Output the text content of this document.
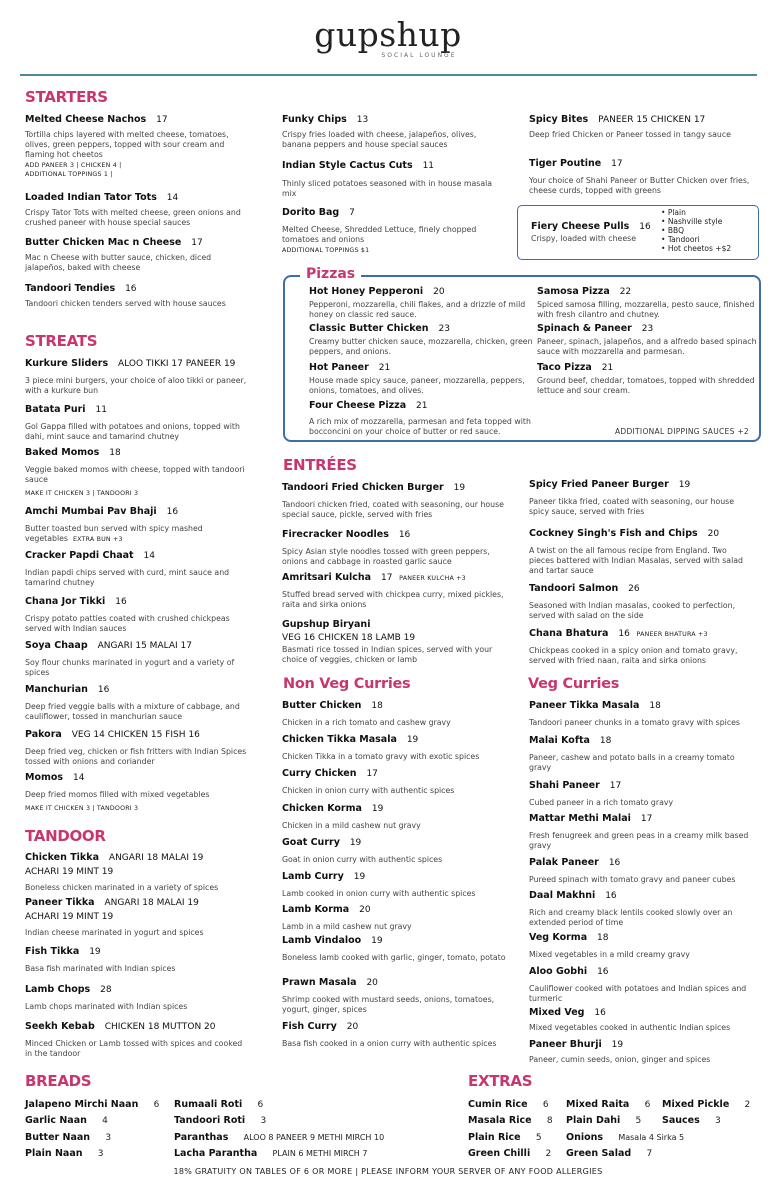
gupshup
SOCIAL LOUNGE
STARTERS
STREATS
TANDOOR
ENTRÉES
Non Veg Curries	Veg Curries
BREADS	EXTRAS
Melted Cheese Nachos 17
Tortilla chips layered with melted cheese, tomatoes, olives, green peppers, topped with sour cream and flaming hot cheetos
ADD PANEER 3 | CHICKEN 4 |
ADDITIONAL TOPPINGS 1 |
Loaded Indian Tator Tots 14
Crispy Tator Tots with melted cheese, green onions and crushed paneer with house special sauces
Butter Chicken Mac n Cheese 17
Mac n Cheese with butter sauce, chicken, diced jalapeños, baked with cheese
Tandoori Tendies 16
Tandoori chicken tenders served with house sauces
Funky Chips 13
Crispy fries loaded with cheese, jalapeños, olives, banana peppers and house special sauces
Indian Style Cactus Cuts 11
Thinly sliced potatoes seasoned with in house masala mix
Dorito Bag 7
Melted Cheese, Shredded Lettuce, finely chopped tomatoes and onions
ADDITIONAL TOPPINGS $1
Spicy Bites PANEER 15 CHICKEN 17
Deep fried Chicken or Paneer tossed in tangy sauce
Tiger Poutine 17
Your choice of Shahi Paneer or Butter Chicken over fries, cheese curds, topped with greens
Fiery Cheese Pulls 16
Crispy, loaded with cheese
• Plain
• Nashville style
• BBQ
• Tandoori
• Hot cheetos +$2
Hot Honey Pepperoni 20
Pepperoni, mozzarella, chili flakes, and a drizzle of mild honey on classic red sauce.
Classic Butter Chicken 23
Creamy butter chicken sauce, mozzarella, chicken, green peppers, and onions.
Hot Paneer 21
House made spicy sauce, paneer, mozzarella, peppers, onions, tomatoes, and olives.
Four Cheese Pizza 21
A rich mix of mozzarella, parmesan and feta topped with bocconcini on your choice of butter or red sauce.
Samosa Pizza 22
Spiced samosa filling, mozzarella, pesto sauce, finished with fresh cilantro and chutney.
Spinach & Paneer 23
Paneer, spinach, jalapeños, and a alfredo based spinach sauce with mozzarella and parmesan.
Taco Pizza 21
Ground beef, cheddar, tomatoes, topped with shredded lettuce and sour cream.
ADDITIONAL DIPPING SAUCES +2
Pizzas
Kurkure Sliders ALOO TIKKI 17 PANEER 19
3 piece mini burgers, your choice of aloo tikki or paneer, with a kurkure bun
Batata Puri 11
Gol Gappa filled with potatoes and onions, topped with dahi, mint sauce and tamarind chutney
Baked Momos 18
Veggie baked momos with cheese, topped with tandoori sauce
MAKE IT CHICKEN 3 | TANDOORI 3
Amchi Mumbai Pav Bhaji 16
Butter toasted bun served with spicy mashed vegetables EXTRA BUN +3
Cracker Papdi Chaat 14
Indian papdi chips served with curd, mint sauce and tamarind chutney
Chana Jor Tikki 16
Crispy potato patties coated with crushed chickpeas served with Indian sauces
Soya Chaap ANGARI 15 MALAI 17
Soy flour chunks marinated in yogurt and a variety of spices
Manchurian 16
Deep fried veggie balls with a mixture of cabbage, and cauliflower, tossed in manchurian sauce
Pakora VEG 14 CHICKEN 15 FISH 16
Deep fried veg, chicken or fish fritters with Indian Spices tossed with onions and coriander
Momos 14
Deep fried momos filled with mixed vegetables
MAKE IT CHICKEN 3 | TANDOORI 3
Chicken Tikka ANGARI 18 MALAI 19
ACHARI 19 MINT 19
Boneless chicken marinated in a variety of spices
Paneer Tikka ANGARI 18 MALAI 19
ACHARI 19 MINT 19
Indian cheese marinated in yogurt and spices
Fish Tikka 19
Basa fish marinated with Indian spices
Lamb Chops 28
Lamb chops marinated with Indian spices
Seekh Kebab CHICKEN 18 MUTTON 20
Minced Chicken or Lamb tossed with spices and cooked in the tandoor
Tandoori Fried Chicken Burger 19
Tandoori chicken fried, coated with seasoning, our house special sauce, pickle, served with fries
Firecracker Noodles 16
Spicy Asian style noodles tossed with green peppers, onions and cabbage in roasted garlic sauce
Amritsari Kulcha 17 PANEER KULCHA +3
Stuffed bread served with chickpea curry, mixed pickles, raita and sirka onions
Gupshup Biryani
VEG 16 CHICKEN 18 LAMB 19
Basmati rice tossed in Indian spices, served with your choice of veggies, chicken or lamb
Spicy Fried Paneer Burger 19
Paneer tikka fried, coated with seasoning, our house spicy sauce, served with fries
Cockney Singh's Fish and Chips 20
A twist on the all famous recipe from England. Two pieces battered with Indian Masalas, served with salad and tartar sauce
Tandoori Salmon 26
Seasoned with Indian masalas, cooked to perfection, served with salad on the side
Chana Bhatura 16 PANEER BHATURA +3
Chickpeas cooked in a spicy onion and tomato gravy, served with fried naan, raita and sirka onions
Butter Chicken 18
Chicken in a rich tomato and cashew gravy
Chicken Tikka Masala 19
Chicken Tikka in a tomato gravy with exotic spices
Curry Chicken 17
Chicken in onion curry with authentic spices
Chicken Korma 19
Chicken in a mild cashew nut gravy
Goat Curry 19
Goat in onion curry with authentic spices
Lamb Curry 19
Lamb cooked in onion curry with authentic spices
Lamb Korma 20
Lamb in a mild cashew nut gravy
Lamb Vindaloo 19
Boneless lamb cooked with garlic, ginger, tomato, potato
Prawn Masala 20
Shrimp cooked with mustard seeds, onions, tomatoes, yogurt, ginger, spices
Fish Curry 20
Basa fish cooked in a onion curry with authentic spices
Paneer Tikka Masala 18
Tandoori paneer chunks in a tomato gravy with spices
Malai Kofta 18
Paneer, cashew and potato balls in a creamy tomato gravy
Shahi Paneer 17
Cubed paneer in a rich tomato gravy
Mattar Methi Malai 17
Fresh fenugreek and green peas in a creamy milk based gravy
Palak Paneer 16
Pureed spinach with tomato gravy and paneer cubes
Daal Makhni 16
Rich and creamy black lentils cooked slowly over an extended period of time
Veg Korma 18
Mixed vegetables in a mild creamy gravy
Aloo Gobhi 16
Cauliflower cooked with potatoes and Indian spices and turmeric
Mixed Veg 16
Mixed vegetables cooked in authentic Indian spices
Paneer Bhurji 19
Paneer, cumin seeds, onion, ginger and spices
Jalapeno Mirchi Naan 6
Garlic Naan 4
Butter Naan 3
Plain Naan 3
Rumaali Roti 6
Tandoori Roti 3
Paranthas ALOO 8 PANEER 9 METHI MIRCH 10
Lacha Parantha PLAIN 6 METHI MIRCH 7
Cumin Rice 6
Masala Rice 8
Plain Rice 5
Green Chilli 2
Mixed Raita 6
Plain Dahi 5
Onions Masala 4 Sirka 5
Green Salad 7
Mixed Pickle 2
Sauces 3
18% GRATUITY ON TABLES OF 6 OR MORE | PLEASE INFORM YOUR SERVER OF ANY FOOD ALLERGIES
